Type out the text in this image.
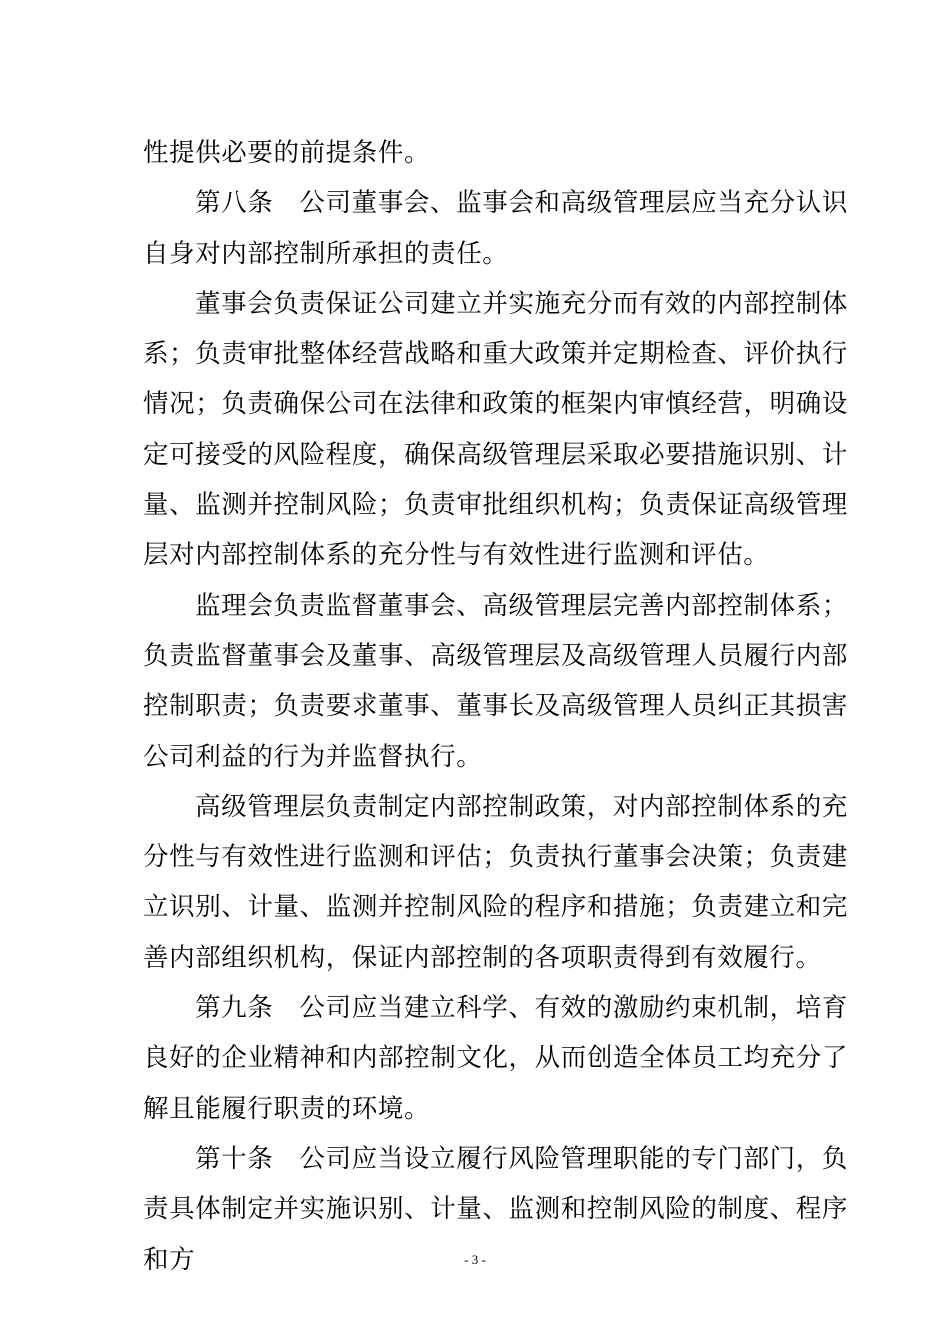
性提供必要的前提条件。

第八条 公司董事会、监事会和高级管理层应当充分认识自身对内部控制所承担的责任。

董事会负责保证公司建立并实施充分而有效的内部控制体系；负责审批整体经营战略和重大政策并定期检查、评价执行情况；负责确保公司在法律和政策的框架内审慎经营，明确设定可接受的风险程度，确保高级管理层采取必要措施识别、计量、监测并控制风险；负责审批组织机构；负责保证高级管理层对内部控制体系的充分性与有效性进行监测和评估。

监理会负责监督董事会、高级管理层完善内部控制体系；负责监督董事会及董事、高级管理层及高级管理人员履行内部控制职责；负责要求董事、董事长及高级管理人员纠正其损害公司利益的行为并监督执行。

高级管理层负责制定内部控制政策，对内部控制体系的充分性与有效性进行监测和评估；负责执行董事会决策；负责建立识别、计量、监测并控制风险的程序和措施；负责建立和完善内部组织机构，保证内部控制的各项职责得到有效履行。

第九条 公司应当建立科学、有效的激励约束机制，培育良好的企业精神和内部控制文化，从而创造全体员工均充分了解且能履行职责的环境。

第十条 公司应当设立履行风险管理职能的专门部门，负责具体制定并实施识别、计量、监测和控制风险的制度、程序和方	- 3 -
